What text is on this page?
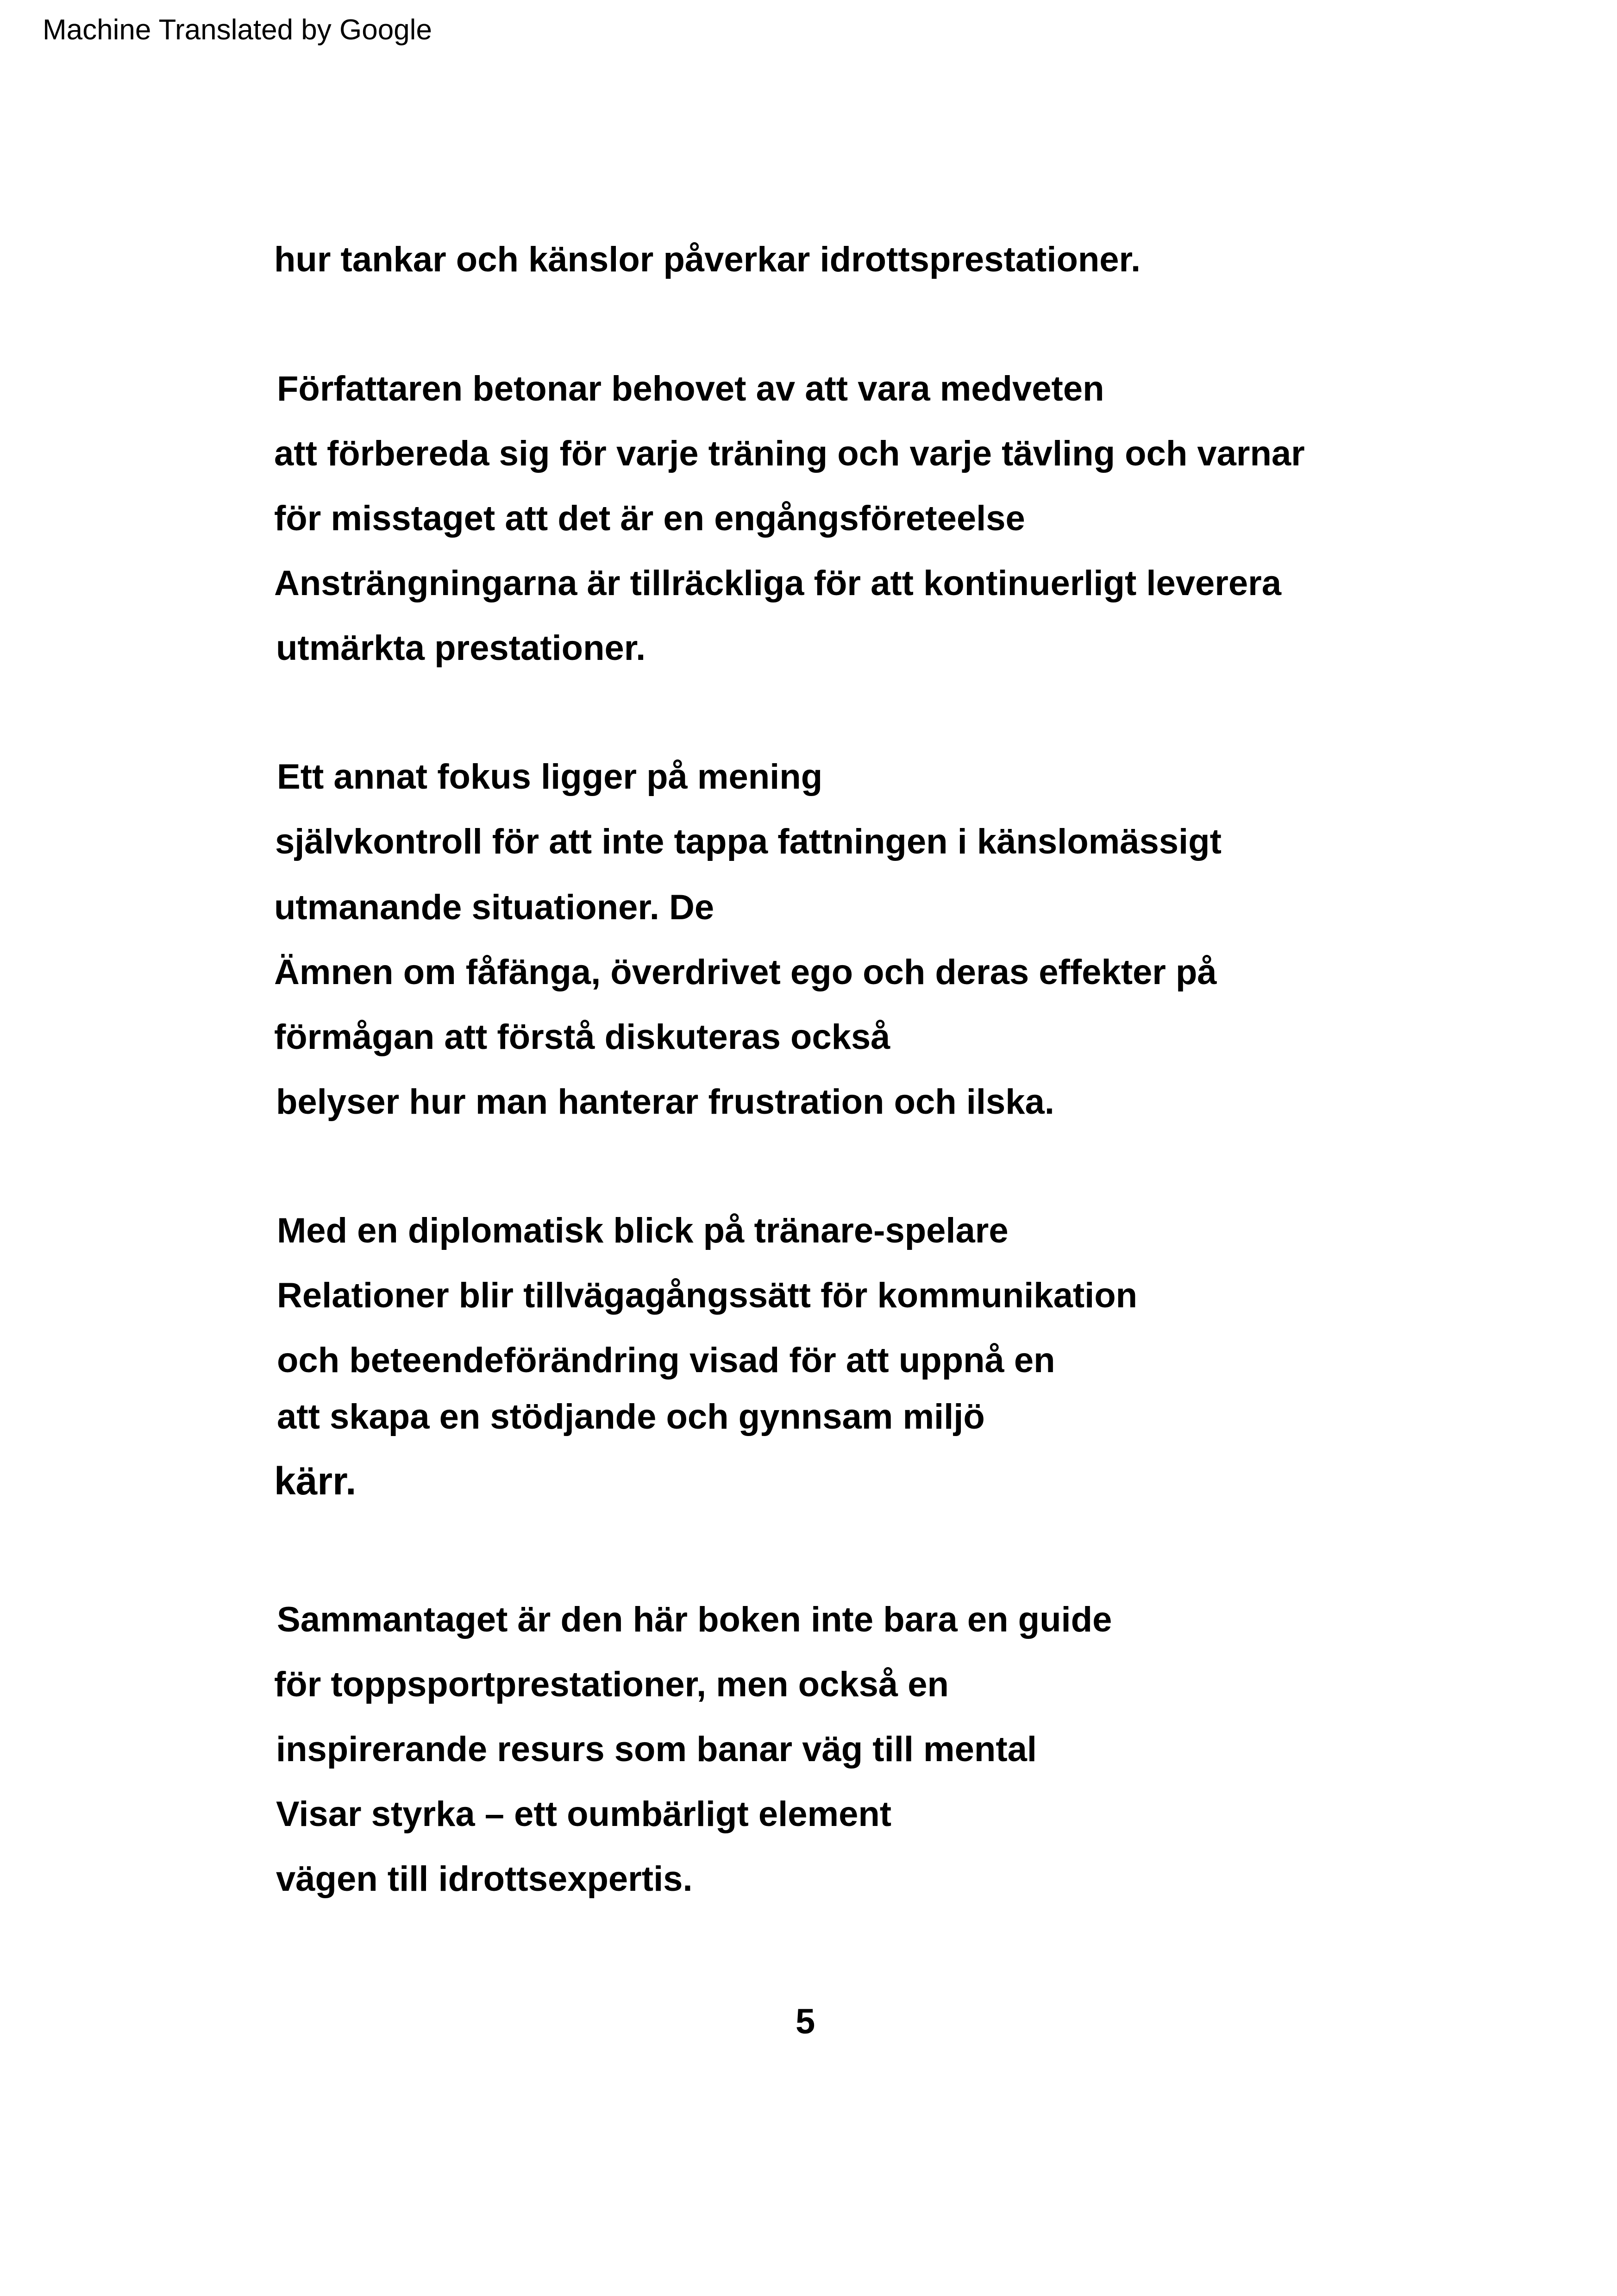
Machine Translated by Google
hur tankar och känslor påverkar idrottsprestationer.
Författaren betonar behovet av att vara medveten
att förbereda sig för varje träning och varje tävling och varnar
för misstaget att det är en engångsföreteelse
Ansträngningarna är tillräckliga för att kontinuerligt leverera
utmärkta prestationer.
Ett annat fokus ligger på mening
självkontroll för att inte tappa fattningen i känslomässigt
utmanande situationer. De
Ämnen om fåfänga, överdrivet ego och deras effekter på
förmågan att förstå diskuteras också
belyser hur man hanterar frustration och ilska.
Med en diplomatisk blick på tränare-spelare
Relationer blir tillvägagångssätt för kommunikation
och beteendeförändring visad för att uppnå en
att skapa en stödjande och gynnsam miljö
kärr.
Sammantaget är den här boken inte bara en guide
för toppsportprestationer, men också en
inspirerande resurs som banar väg till mental
Visar styrka – ett oumbärligt element
vägen till idrottsexpertis.
5
